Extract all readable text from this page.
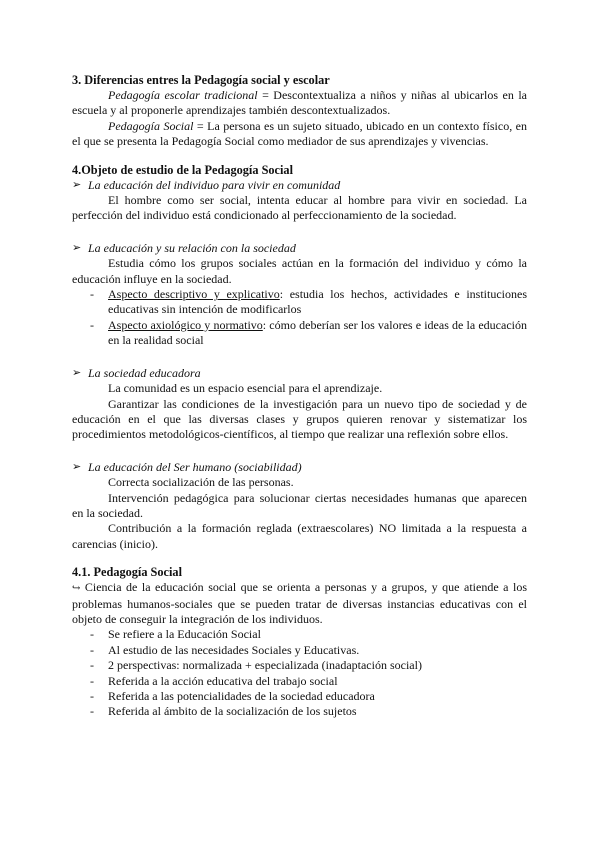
3. Diferencias entres la Pedagogía social y escolar

Pedagogía escolar tradicional = Descontextualiza a niños y niñas al ubicarlos en la

escuela y al proponerle aprendizajes también descontextualizados.

Pedagogía Social = La persona es un sujeto situado, ubicado en un contexto físico, en

el que se presenta la Pedagogía Social como mediador de sus aprendizajes y vivencias.

4.Objeto de estudio de la Pedagogía Social
➢ La educación del individuo para vivir en comunidad

El hombre como ser social, intenta educar al hombre para vivir en sociedad. La

perfección del individuo está condicionado al perfeccionamiento de la sociedad.

➢ La educación y su relación con la sociedad

Estudia cómo los grupos sociales actúan en la formación del individuo y cómo la

educación influye en la sociedad.

- Aspecto descriptivo y explicativo: estudia los hechos, actividades e instituciones educativas sin intención de modificarlos
- Aspecto axiológico y normativo: cómo deberían ser los valores e ideas de la educación en la realidad social
➢ La sociedad educadora

La comunidad es un espacio esencial para el aprendizaje.

Garantizar las condiciones de la investigación para un nuevo tipo de sociedad y de

educación en el que las diversas clases y grupos quieren renovar y sistematizar los

procedimientos metodológicos-científicos, al tiempo que realizar una reflexión sobre ellos.

➢ La educación del Ser humano (sociabilidad)

Correcta socialización de las personas.

Intervención pedagógica para solucionar ciertas necesidades humanas que aparecen

en la sociedad.

Contribución a la formación reglada (extraescolares) NO limitada a la respuesta a

carencias (inicio).

4.1. Pedagogía Social

↪ Ciencia de la educación social que se orienta a personas y a grupos, y que atiende a los

problemas humanos-sociales que se pueden tratar de diversas instancias educativas con el

objeto de conseguir la integración de los individuos.

- Se refiere a la Educación Social
- Al estudio de las necesidades Sociales y Educativas.
- 2 perspectivas: normalizada + especializada (inadaptación social)
- Referida a la acción educativa del trabajo social
- Referida a las potencialidades de la sociedad educadora
- Referida al ámbito de la socialización de los sujetos
